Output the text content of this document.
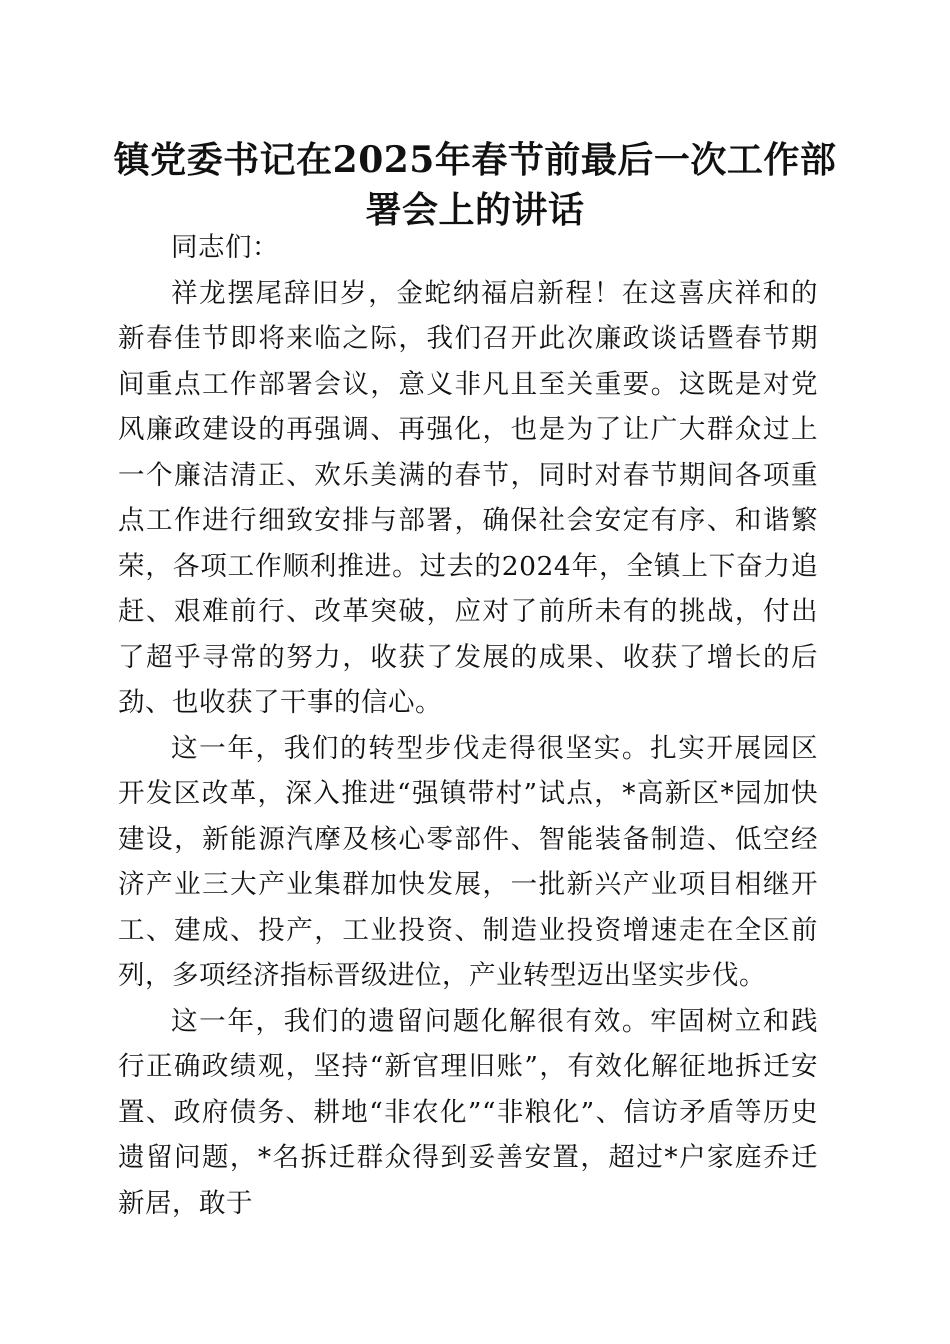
镇党委书记在2025年春节前最后一次工作部
署会上的讲话

同志们：

祥龙摆尾辞旧岁，金蛇纳福启新程！在这喜庆祥和的新春佳节即将来临之际，我们召开此次廉政谈话暨春节期间重点工作部署会议，意义非凡且至关重要。这既是对党风廉政建设的再强调、再强化，也是为了让广大群众过上一个廉洁清正、欢乐美满的春节，同时对春节期间各项重点工作进行细致安排与部署，确保社会安定有序、和谐繁荣，各项工作顺利推进。过去的2024年，全镇上下奋力追赶、艰难前行、改革突破，应对了前所未有的挑战，付出了超乎寻常的努力，收获了发展的成果、收获了增长的后劲、也收获了干事的信心。

这一年，我们的转型步伐走得很坚实。扎实开展园区开发区改革，深入推进“强镇带村”试点，*高新区*园加快建设，新能源汽摩及核心零部件、智能装备制造、低空经济产业三大产业集群加快发展，一批新兴产业项目相继开工、建成、投产，工业投资、制造业投资增速走在全区前列，多项经济指标晋级进位，产业转型迈出坚实步伐。

这一年，我们的遗留问题化解很有效。牢固树立和践行正确政绩观，坚持“新官理旧账”，有效化解征地拆迁安置、政府债务、耕地“非农化”“非粮化”、信访矛盾等历史遗留问题，*名拆迁群众得到妥善安置，超过*户家庭乔迁新居，敢于
